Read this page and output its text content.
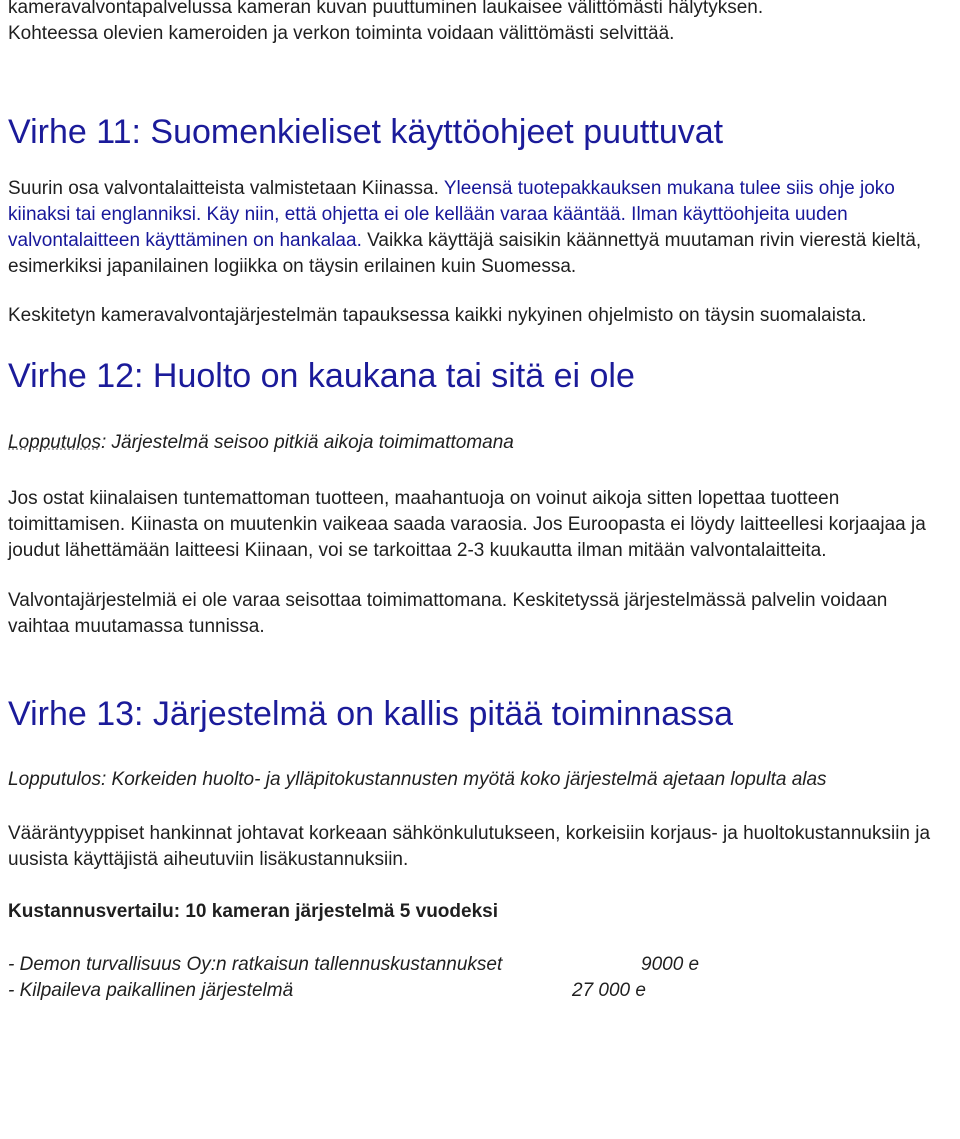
kameravalvontapalvelussa kameran kuvan puuttuminen laukaisee välittömästi hälytyksen.
Kohteessa olevien kameroiden ja verkon toiminta voidaan välittömästi selvittää.

Virhe 11: Suomenkieliset käyttöohjeet puuttuvat

Suurin osa valvontalaitteista valmistetaan Kiinassa. Yleensä tuotepakkauksen mukana tulee siis ohje joko kiinaksi tai englanniksi. Käy niin, että ohjetta ei ole kellään varaa kääntää. Ilman käyttöohjeita uuden valvontalaitteen käyttäminen on hankalaa. Vaikka käyttäjä saisikin käännettyä muutaman rivin vierestä kieltä, esimerkiksi japanilainen logiikka on täysin erilainen kuin Suomessa.

Keskitetyn kameravalvontajärjestelmän tapauksessa kaikki nykyinen ohjelmisto on täysin suomalaista.

Virhe 12: Huolto on kaukana tai sitä ei ole

Lopputulos: Järjestelmä seisoo pitkiä aikoja toimimattomana

Jos ostat kiinalaisen tuntemattoman tuotteen, maahantuoja on voinut aikoja sitten lopettaa tuotteen toimittamisen. Kiinasta on muutenkin vaikeaa saada varaosia. Jos Euroopasta ei löydy laitteellesi korjaajaa ja joudut lähettämään laitteesi Kiinaan, voi se tarkoittaa 2-3 kuukautta ilman mitään valvontalaitteita.

Valvontajärjestelmiä ei ole varaa seisottaa toimimattomana. Keskitetyssä järjestelmässä palvelin voidaan vaihtaa muutamassa tunnissa.

Virhe 13: Järjestelmä on kallis pitää toiminnassa

Lopputulos: Korkeiden huolto- ja ylläpitokustannusten myötä koko järjestelmä ajetaan lopulta alas

Vääräntyyppiset hankinnat johtavat korkeaan sähkönkulutukseen, korkeisiin korjaus- ja huoltokustannuksiin ja uusista käyttäjistä aiheutuviin lisäkustannuksiin.

Kustannusvertailu: 10 kameran järjestelmä 5 vuodeksi

- Demon turvallisuus Oy:n ratkaisun tallennuskustannukset	9000 e
- Kilpaileva paikallinen järjestelmä	27 000 e
